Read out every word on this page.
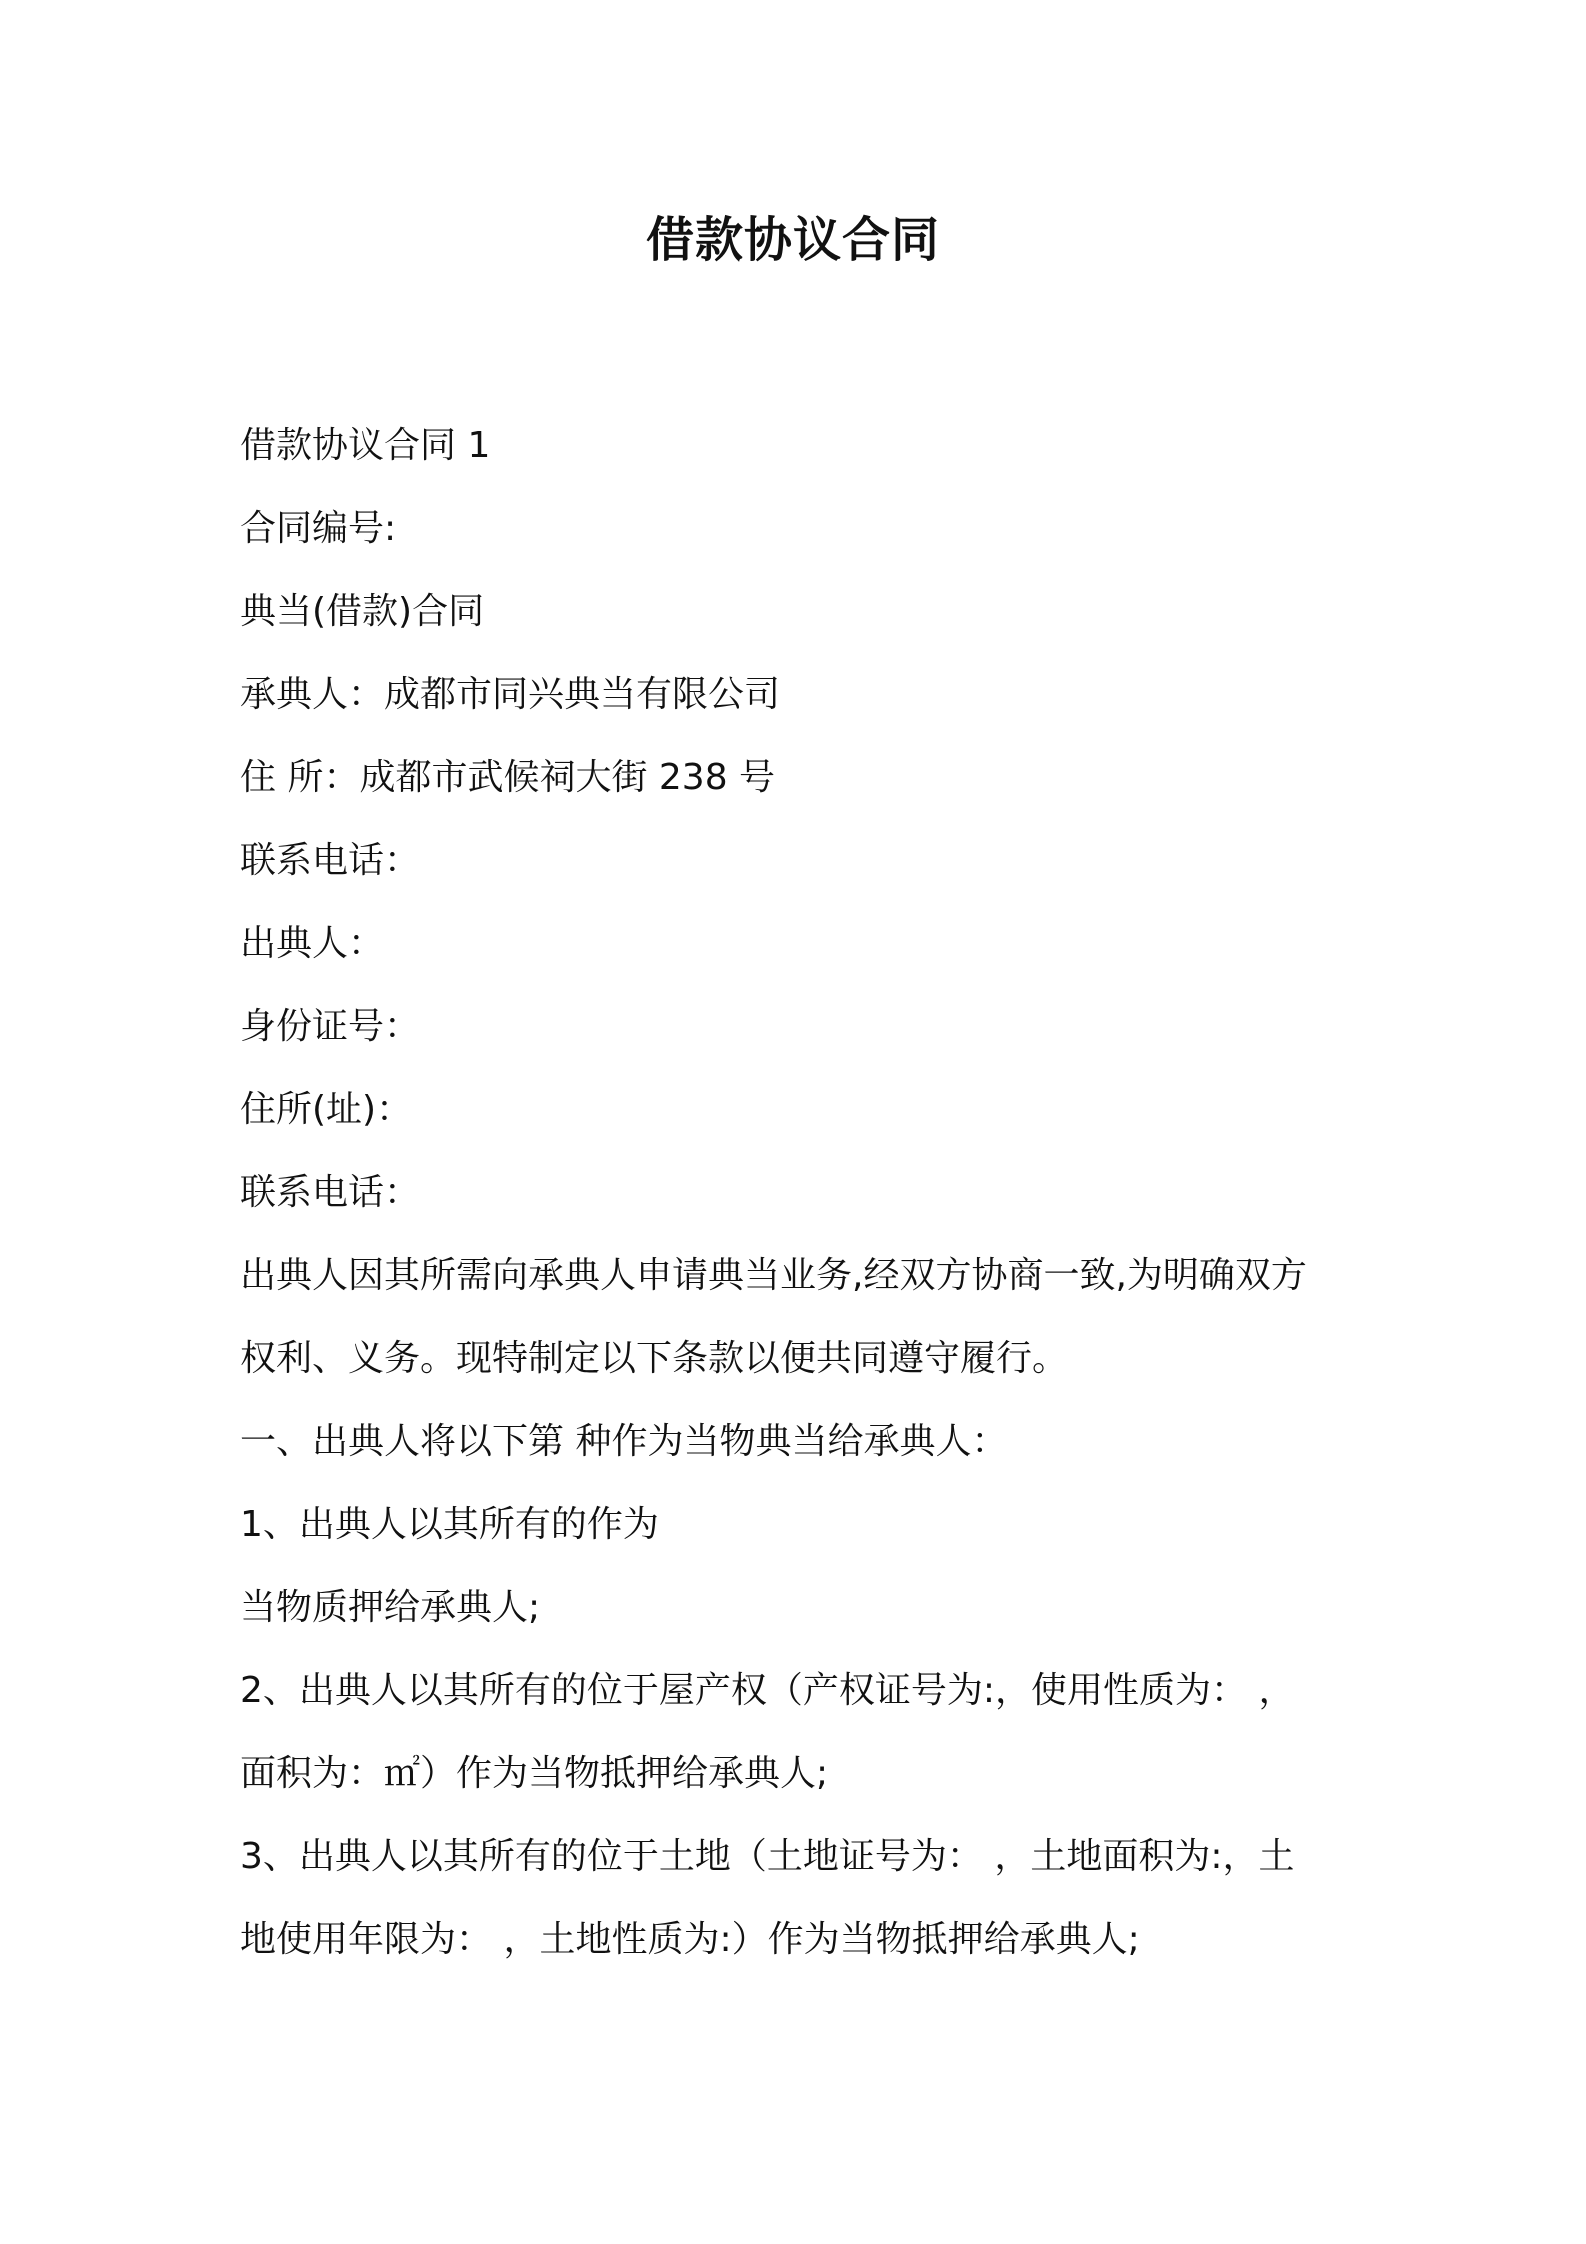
借款协议合同

借款协议合同 1

合同编号:

典当(借款)合同

承典人：成都市同兴典当有限公司

住 所：成都市武候祠大街 238 号

联系电话：

出典人：

身份证号：

住所(址)：

联系电话：

出典人因其所需向承典人申请典当业务,经双方协商一致,为明确双方

权利、义务。现特制定以下条款以便共同遵守履行。

一、出典人将以下第 种作为当物典当给承典人：

1、出典人以其所有的作为

当物质押给承典人;

2、出典人以其所有的位于屋产权（产权证号为:，使用性质为： ，

面积为：㎡）作为当物抵押给承典人;

3、出典人以其所有的位于土地（土地证号为： ，土地面积为:，土

地使用年限为： ，土地性质为:）作为当物抵押给承典人;
